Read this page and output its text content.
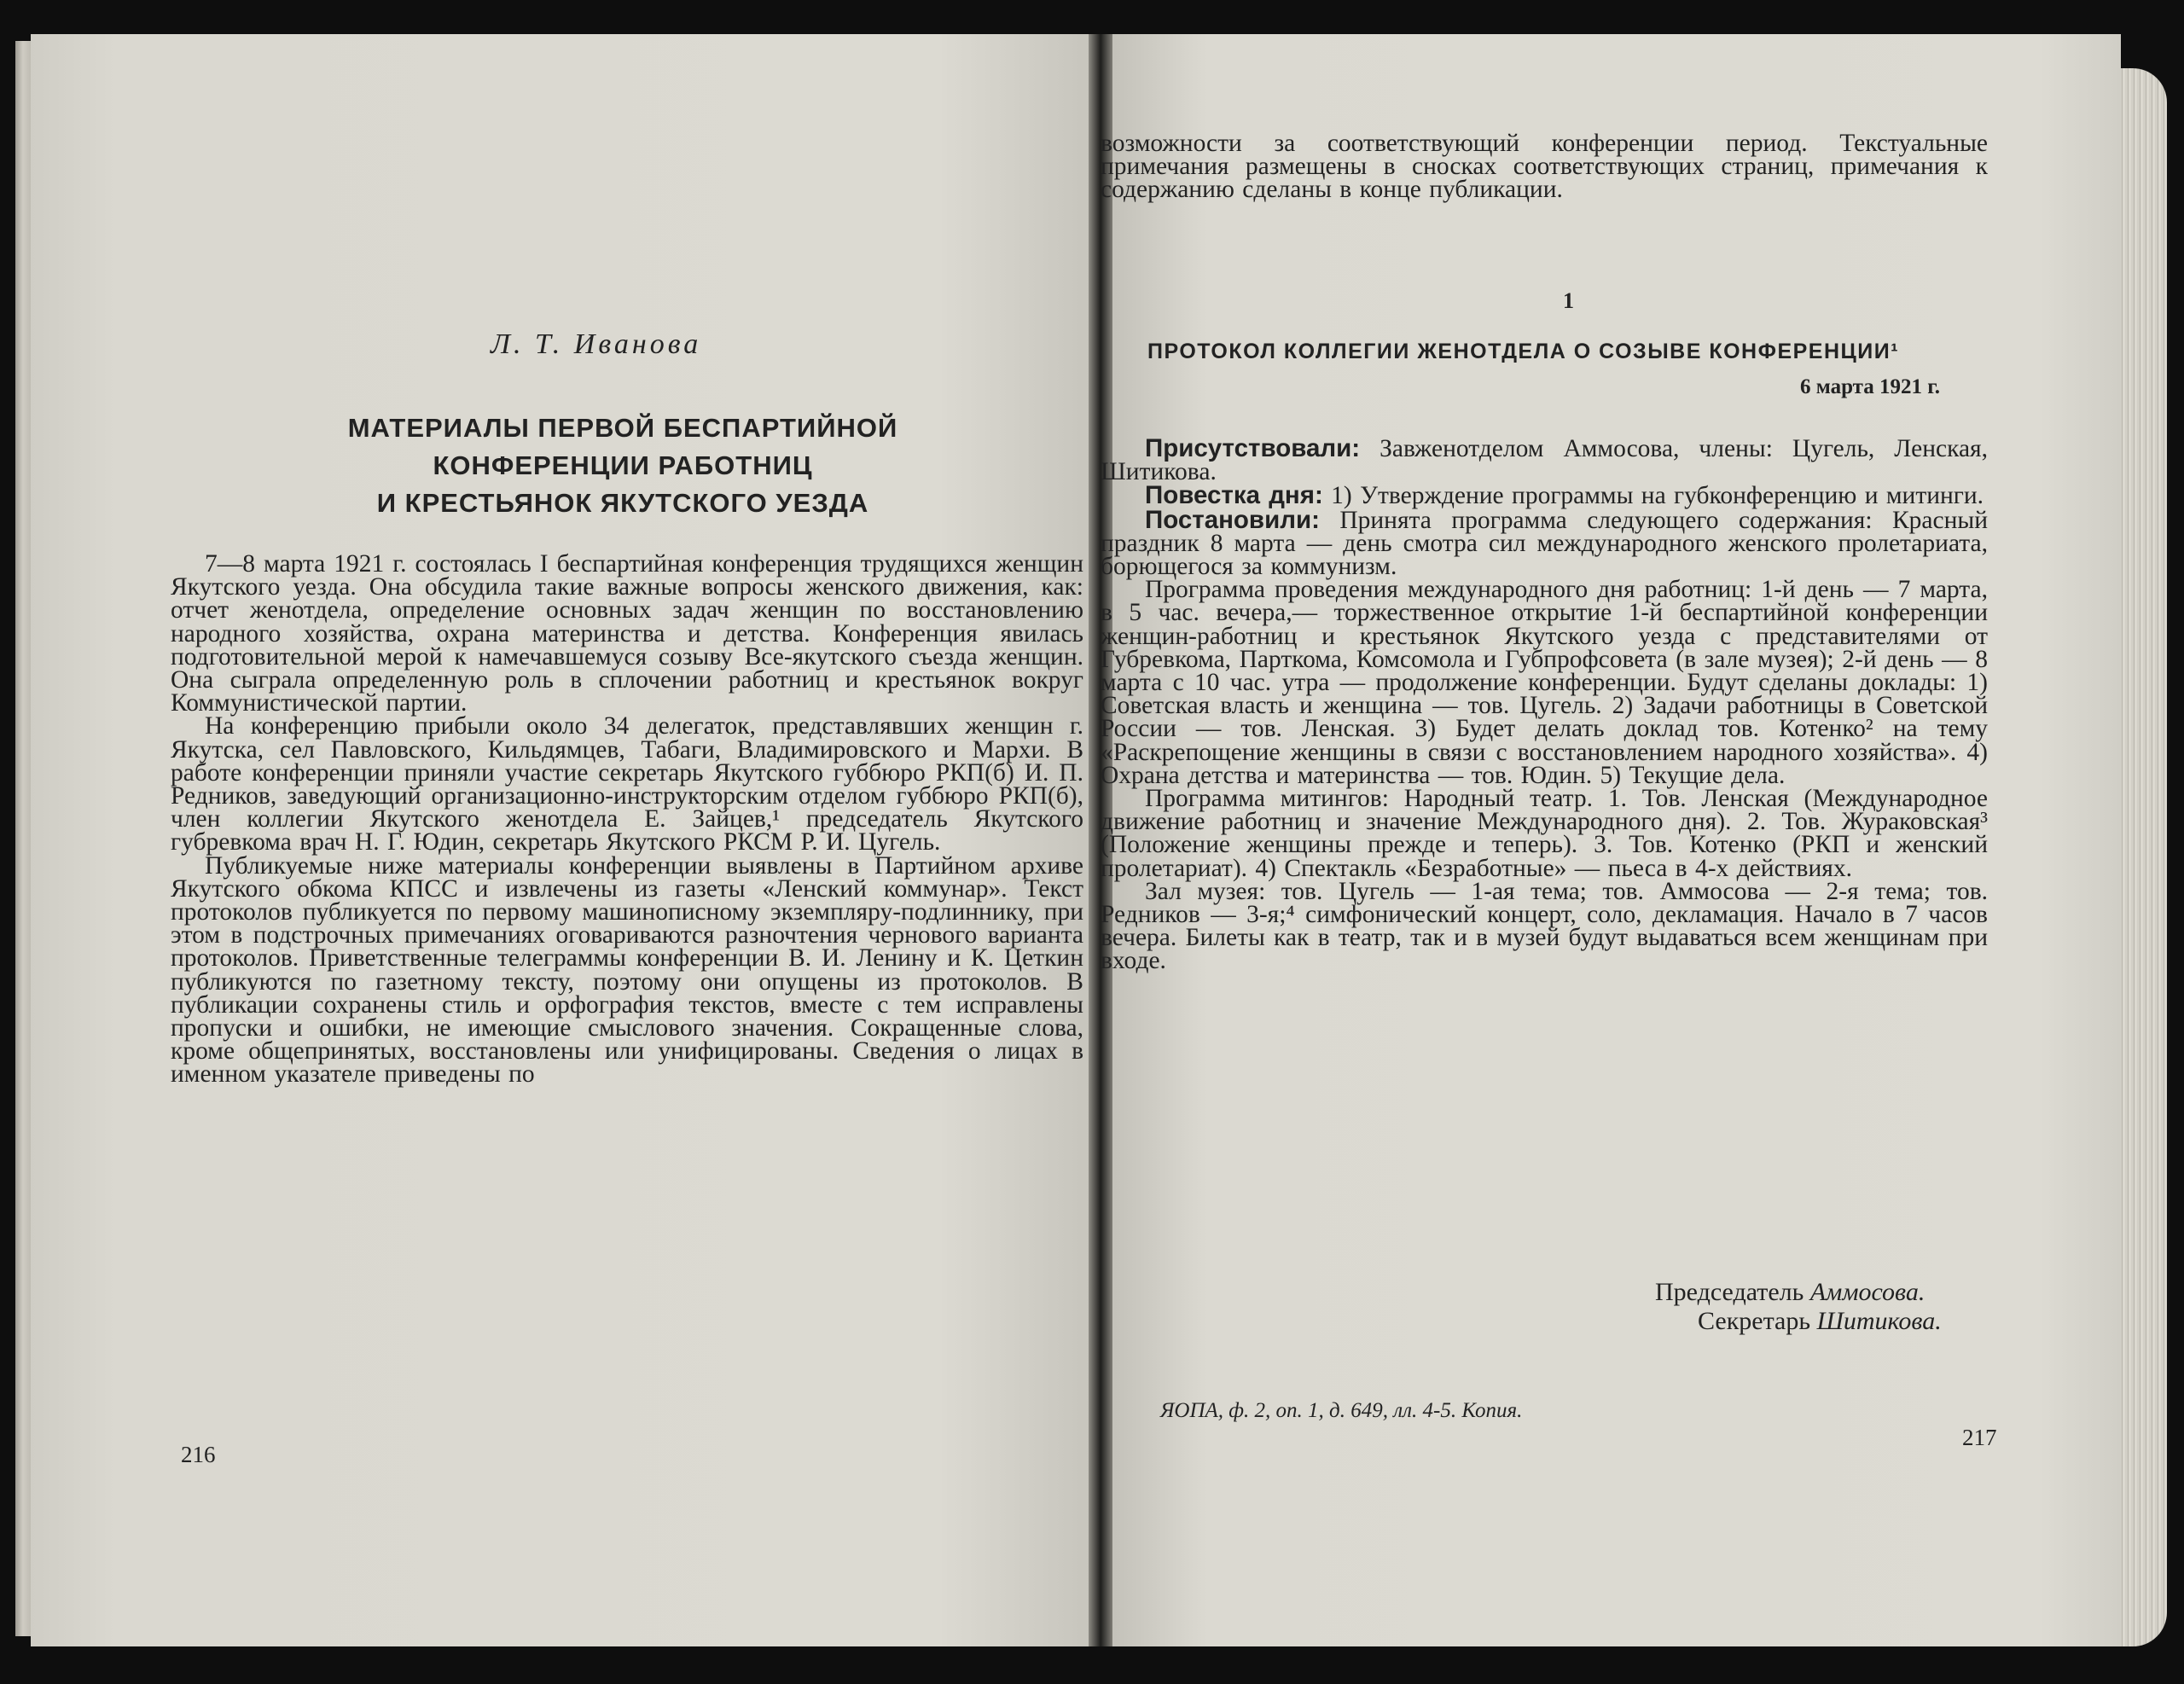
Л. Т. Иванова
МАТЕРИАЛЫ ПЕРВОЙ БЕСПАРТИЙНОЙ
КОНФЕРЕНЦИИ РАБОТНИЦ
И КРЕСТЬЯНОК ЯКУТСКОГО УЕЗДА

7—8 марта 1921 г. состоялась I беспартийная конференция трудящихся женщин Якутского уезда. Она обсудила такие важные вопросы женского движения, как: отчет женотдела, определение основных задач женщин по восстановлению народного хозяйства, охрана материнства и детства. Конференция явилась подготовительной мерой к намечавшемуся созыву Все-якутского съезда женщин. Она сыграла определенную роль в сплочении работниц и крестьянок вокруг Коммунистической партии.

На конференцию прибыли около 34 делегаток, представлявших женщин г. Якутска, сел Павловского, Кильдямцев, Табаги, Владимировского и Мархи. В работе конференции приняли участие секретарь Якутского губбюро РКП(б) И. П. Редников, заведующий организационно-инструкторским отделом губбюро РКП(б), член коллегии Якутского женотдела Е. Зайцев,¹ председатель Якутского губревкома врач Н. Г. Юдин, секретарь Якутского РКСМ Р. И. Цугель.

Публикуемые ниже материалы конференции выявлены в Партийном архиве Якутского обкома КПСС и извлечены из газеты «Ленский коммунар». Текст протоколов публикуется по первому машинописному экземпляру-подлиннику, при этом в подстрочных примечаниях оговариваются разночтения чернового варианта протоколов. Приветственные телеграммы конференции В. И. Ленину и К. Цеткин публикуются по газетному тексту, поэтому они опущены из протоколов. В публикации сохранены стиль и орфография текстов, вместе с тем исправлены пропуски и ошибки, не имеющие смыслового значения. Сокращенные слова, кроме общепринятых, восстановлены или унифицированы. Сведения о лицах в именном указателе приведены по

216

возможности за соответствующий конференции период. Текстуальные примечания размещены в сносках соответствующих страниц, примечания к содержанию сделаны в конце публикации.

1
ПРОТОКОЛ КОЛЛЕГИИ ЖЕНОТДЕЛА О СОЗЫВЕ КОНФЕРЕНЦИИ¹
6 марта 1921 г.

Присутствовали: Завженотделом Аммосова, члены: Цугель, Ленская, Шитикова.

Повестка дня: 1) Утверждение программы на губконференцию и митинги.

Постановили: Принята программа следующего содержания: Красный праздник 8 марта — день смотра сил международного женского пролетариата, борющегося за коммунизм.

Программа проведения международного дня работниц: 1-й день — 7 марта, в 5 час. вечера,— торжественное открытие 1-й беспартийной конференции женщин-работниц и крестьянок Якутского уезда с представителями от Губревкома, Парткома, Комсомола и Губпрофсовета (в зале музея); 2-й день — 8 марта с 10 час. утра — продолжение конференции. Будут сделаны доклады: 1) Советская власть и женщина — тов. Цугель. 2) Задачи работницы в Советской России — тов. Ленская. 3) Будет делать доклад тов. Котенко² на тему «Раскрепощение женщины в связи с восстановлением народного хозяйства». 4) Охрана детства и материнства — тов. Юдин. 5) Текущие дела.

Программа митингов: Народный театр. 1. Тов. Ленская (Международное движение работниц и значение Международного дня). 2. Тов. Жураковская³ (Положение женщины прежде и теперь). 3. Тов. Котенко (РКП и женский пролетариат). 4) Спектакль «Безработные» — пьеса в 4-х действиях.

Зал музея: тов. Цугель — 1-ая тема; тов. Аммосова — 2-я тема; тов. Редников — 3-я;⁴ симфонический концерт, соло, декламация. Начало в 7 часов вечера. Билеты как в театр, так и в музей будут выдаваться всем женщинам при входе.

Председатель Аммосова.
Секретарь Шитикова.
ЯОПА, ф. 2, оп. 1, д. 649, лл. 4-5. Копия.
217
